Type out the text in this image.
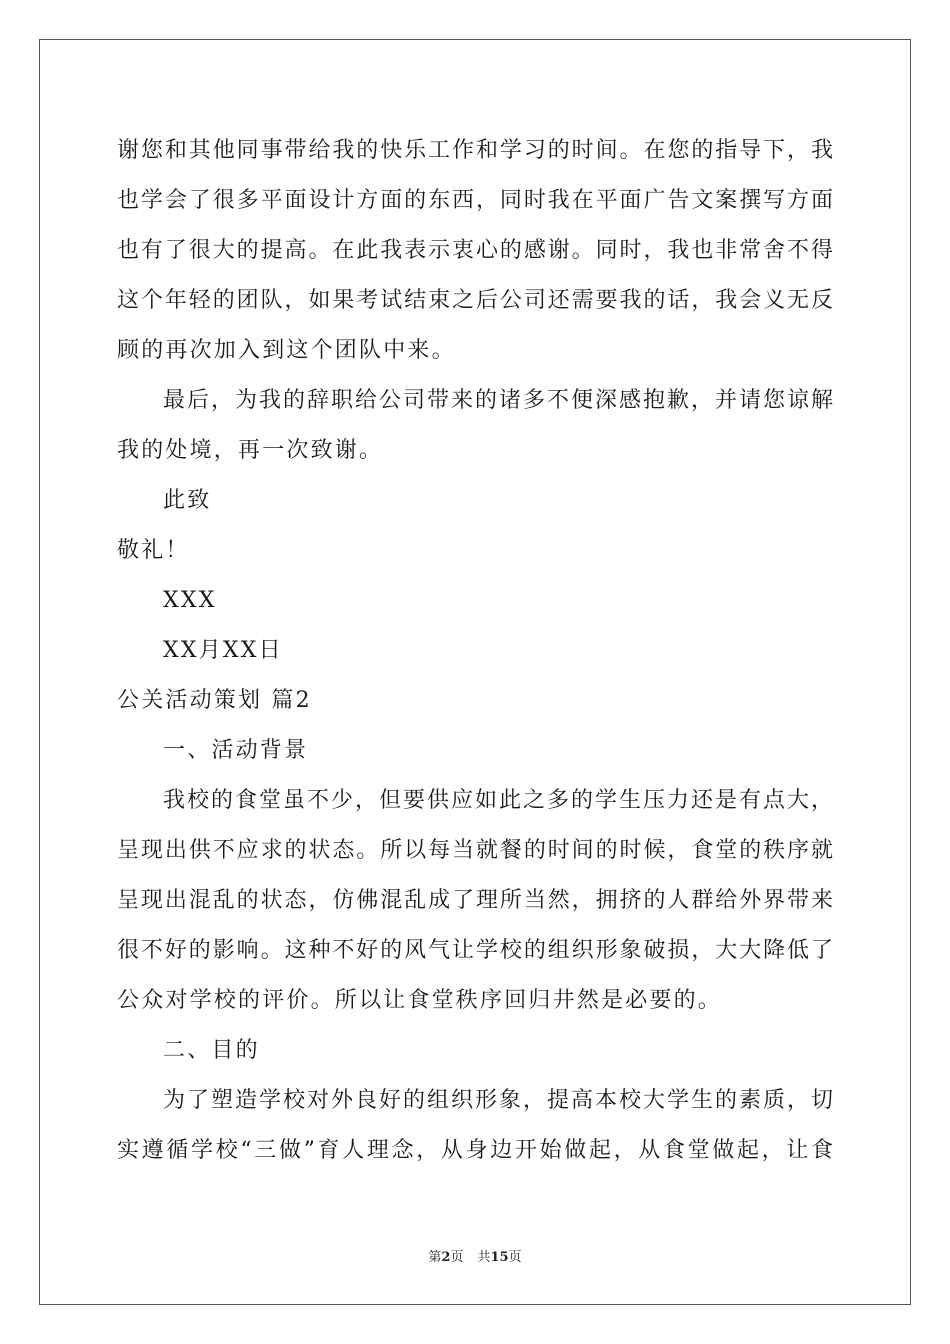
谢您和其他同事带给我的快乐工作和学习的时间。在您的指导下，我
也学会了很多平面设计方面的东西，同时我在平面广告文案撰写方面
也有了很大的提高。在此我表示衷心的感谢。同时，我也非常舍不得
这个年轻的团队，如果考试结束之后公司还需要我的话，我会义无反
顾的再次加入到这个团队中来。
最后，为我的辞职给公司带来的诸多不便深感抱歉，并请您谅解
我的处境，再一次致谢。
此致
敬礼！
XXX
XX月XX日
公关活动策划 篇2
一、活动背景
我校的食堂虽不少，但要供应如此之多的学生压力还是有点大，
呈现出供不应求的状态。所以每当就餐的时间的时候，食堂的秩序就
呈现出混乱的状态，仿佛混乱成了理所当然，拥挤的人群给外界带来
很不好的影响。这种不好的风气让学校的组织形象破损，大大降低了
公众对学校的评价。所以让食堂秩序回归井然是必要的。
二、目的
为了塑造学校对外良好的组织形象，提高本校大学生的素质，切
实遵循学校“三做”育人理念，从身边开始做起，从食堂做起，让食
第2页 共15页
